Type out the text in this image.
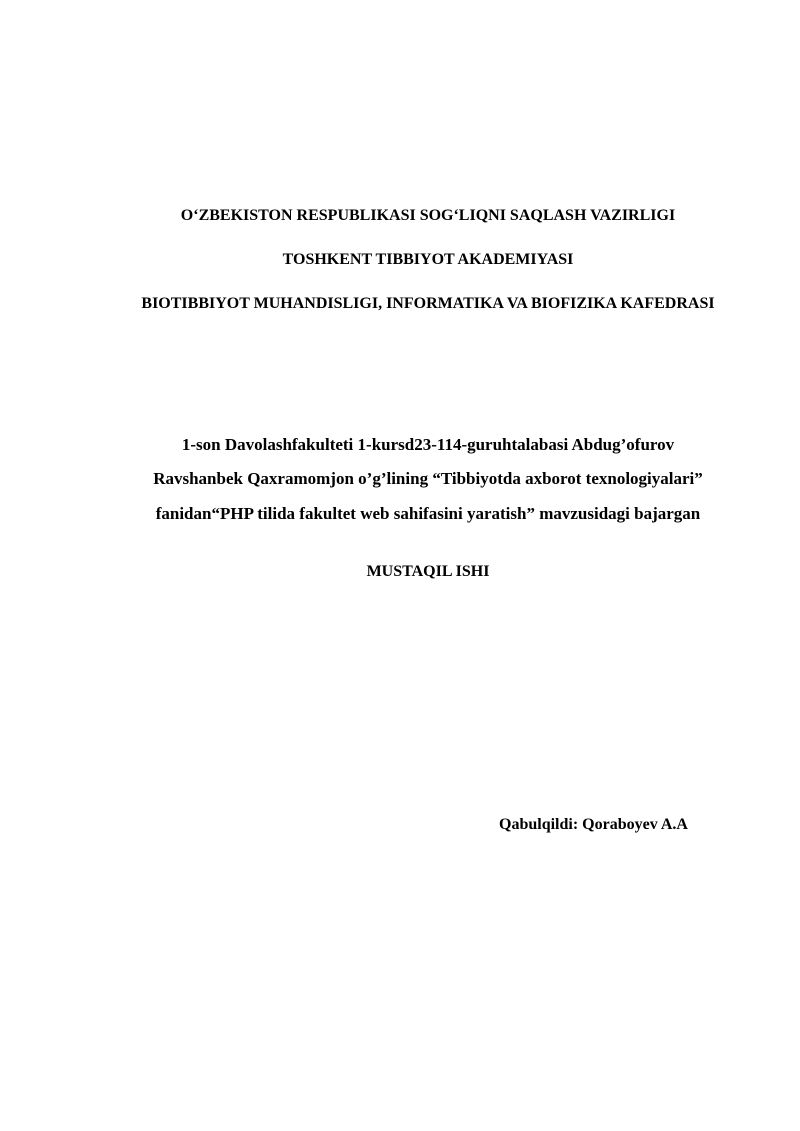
O‘ZBEKISTON RESPUBLIKASI SOG‘LIQNI SAQLASH VAZIRLIGI
TOSHKENT TIBBIYOT AKADEMIYASI
BIOTIBBIYOT MUHANDISLIGI, INFORMATIKA VA BIOFIZIKA KAFEDRASI
1-son Davolashfakulteti 1-kursd23-114-guruhtalabasi Abdug’ofurov
Ravshanbek Qaxramomjon o’g’lining “Tibbiyotda axborot texnologiyalari”
fanidan“PHP tilida fakultet web sahifasini yaratish” mavzusidagi bajargan
MUSTAQIL ISHI
Qabulqildi: Qoraboyev A.A
